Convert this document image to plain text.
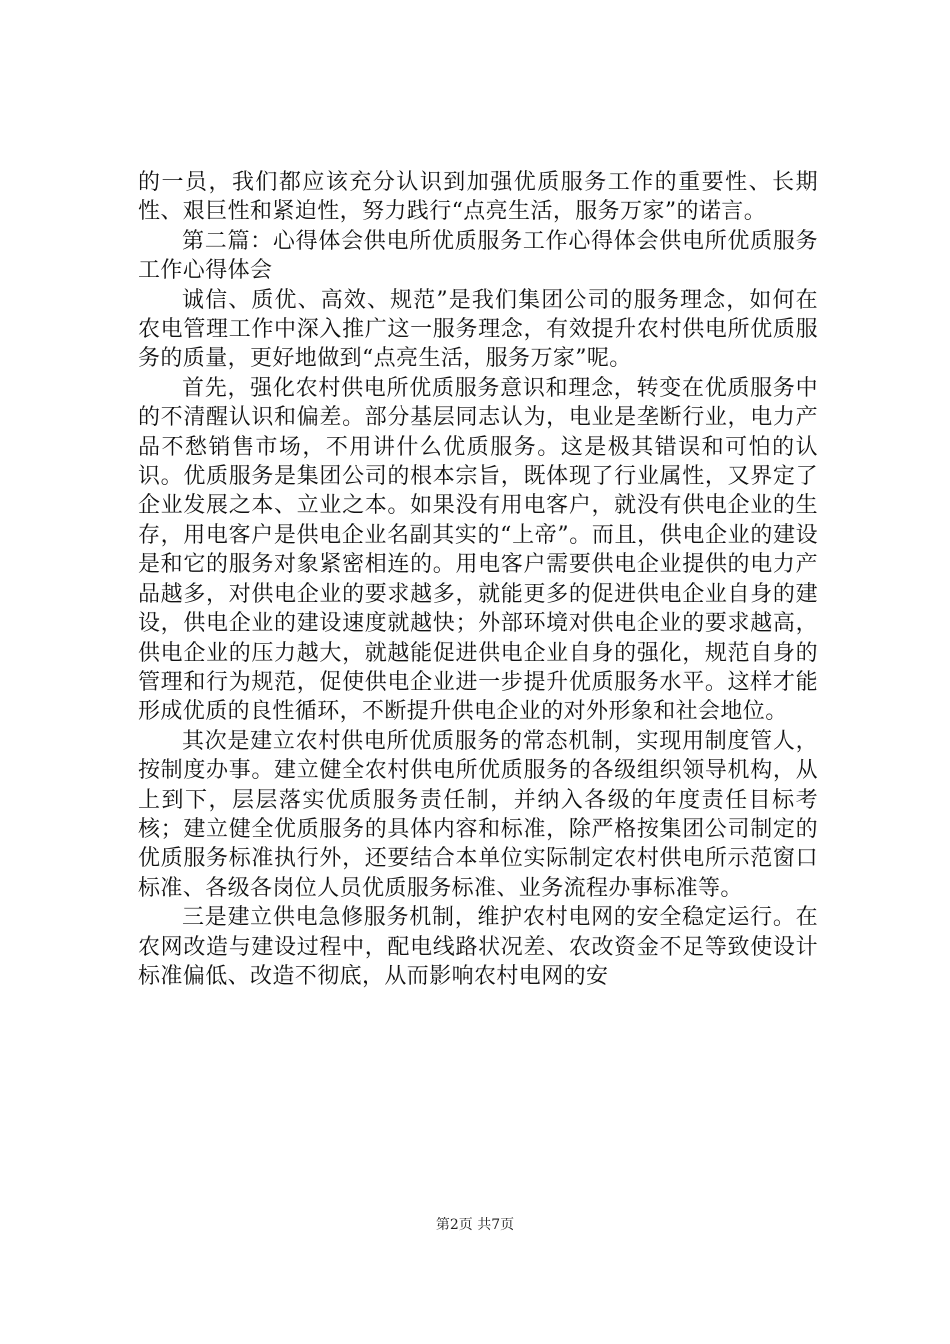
的一员，我们都应该充分认识到加强优质服务工作的重要性、长期性、艰巨性和紧迫性，努力践行“点亮生活，服务万家”的诺言。

第二篇：心得体会供电所优质服务工作心得体会供电所优质服务工作心得体会

诚信、质优、高效、规范”是我们集团公司的服务理念，如何在农电管理工作中深入推广这一服务理念，有效提升农村供电所优质服务的质量，更好地做到“点亮生活，服务万家”呢。

首先，强化农村供电所优质服务意识和理念，转变在优质服务中的不清醒认识和偏差。部分基层同志认为，电业是垄断行业，电力产品不愁销售市场，不用讲什么优质服务。这是极其错误和可怕的认识。优质服务是集团公司的根本宗旨，既体现了行业属性，又界定了企业发展之本、立业之本。如果没有用电客户，就没有供电企业的生存，用电客户是供电企业名副其实的“上帝”。而且，供电企业的建设是和它的服务对象紧密相连的。用电客户需要供电企业提供的电力产品越多，对供电企业的要求越多，就能更多的促进供电企业自身的建设，供电企业的建设速度就越快；外部环境对供电企业的要求越高，供电企业的压力越大，就越能促进供电企业自身的强化，规范自身的管理和行为规范，促使供电企业进一步提升优质服务水平。这样才能形成优质的良性循环，不断提升供电企业的对外形象和社会地位。

其次是建立农村供电所优质服务的常态机制，实现用制度管人，按制度办事。建立健全农村供电所优质服务的各级组织领导机构，从上到下，层层落实优质服务责任制，并纳入各级的年度责任目标考核；建立健全优质服务的具体内容和标准，除严格按集团公司制定的优质服务标准执行外，还要结合本单位实际制定农村供电所示范窗口标准、各级各岗位人员优质服务标准、业务流程办事标准等。

三是建立供电急修服务机制，维护农村电网的安全稳定运行。在农网改造与建设过程中，配电线路状况差、农改资金不足等致使设计标准偏低、改造不彻底，从而影响农村电网的安

第2页 共7页
